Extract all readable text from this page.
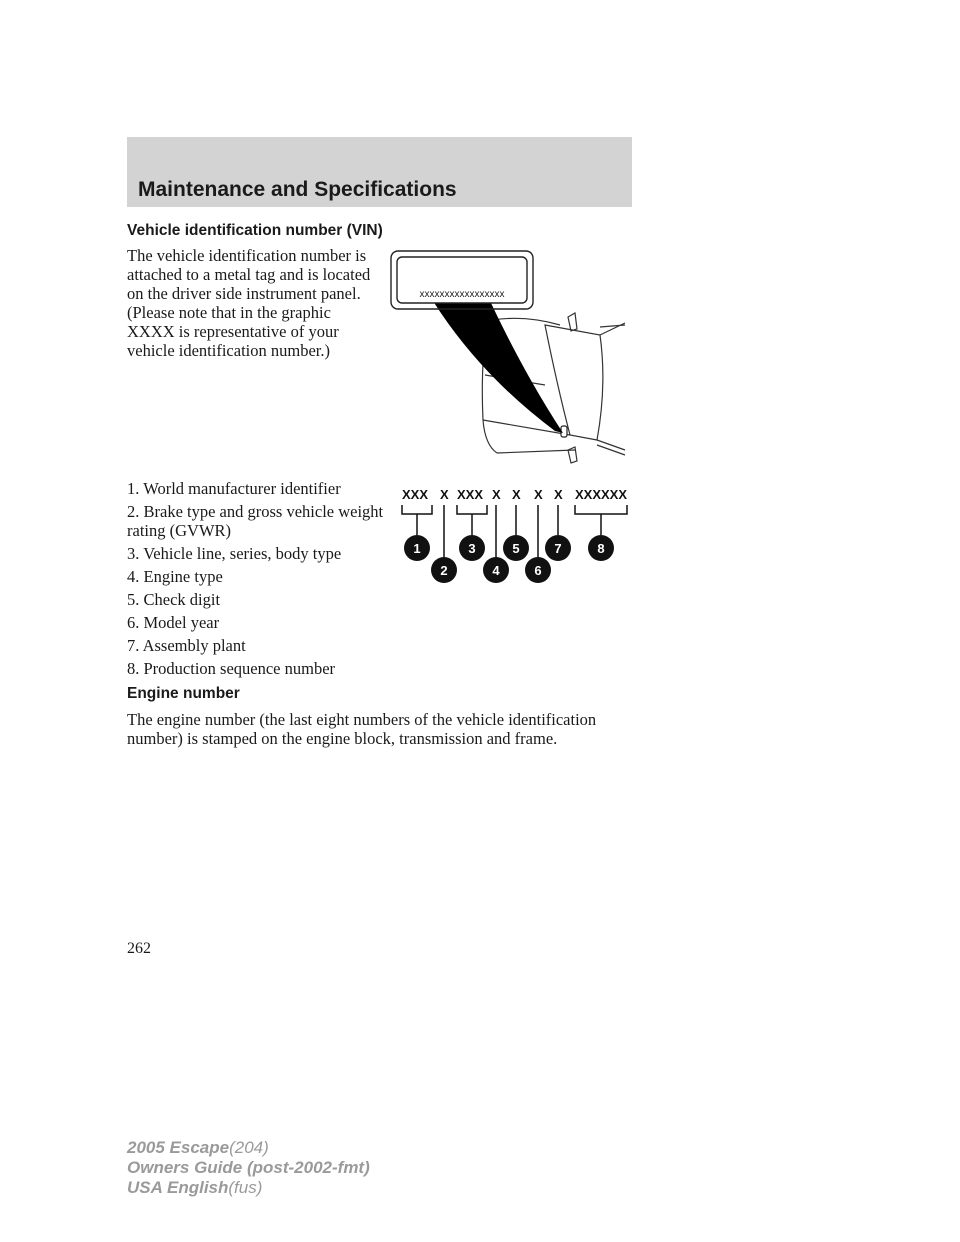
Maintenance and Specifications
Vehicle identification number (VIN)

The vehicle identification number is attached to a metal tag and is located on the driver side instrument panel. (Please note that in the graphic XXXX is representative of your vehicle identification number.)

xxxxxxxxxxxxxxxxx
XXX X XXX X X X X XXXXXX
1
2
3
4
5
6
7	8
1. World manufacturer identifier
2. Brake type and gross vehicle weight rating (GVWR)
3. Vehicle line, series, body type
4. Engine type
5. Check digit
6. Model year
7. Assembly plant
8. Production sequence number
Engine number

The engine number (the last eight numbers of the vehicle identification number) is stamped on the engine block, transmission and frame.

262

2005 Escape(204)
Owners Guide (post-2002-fmt)
USA English(fus)
